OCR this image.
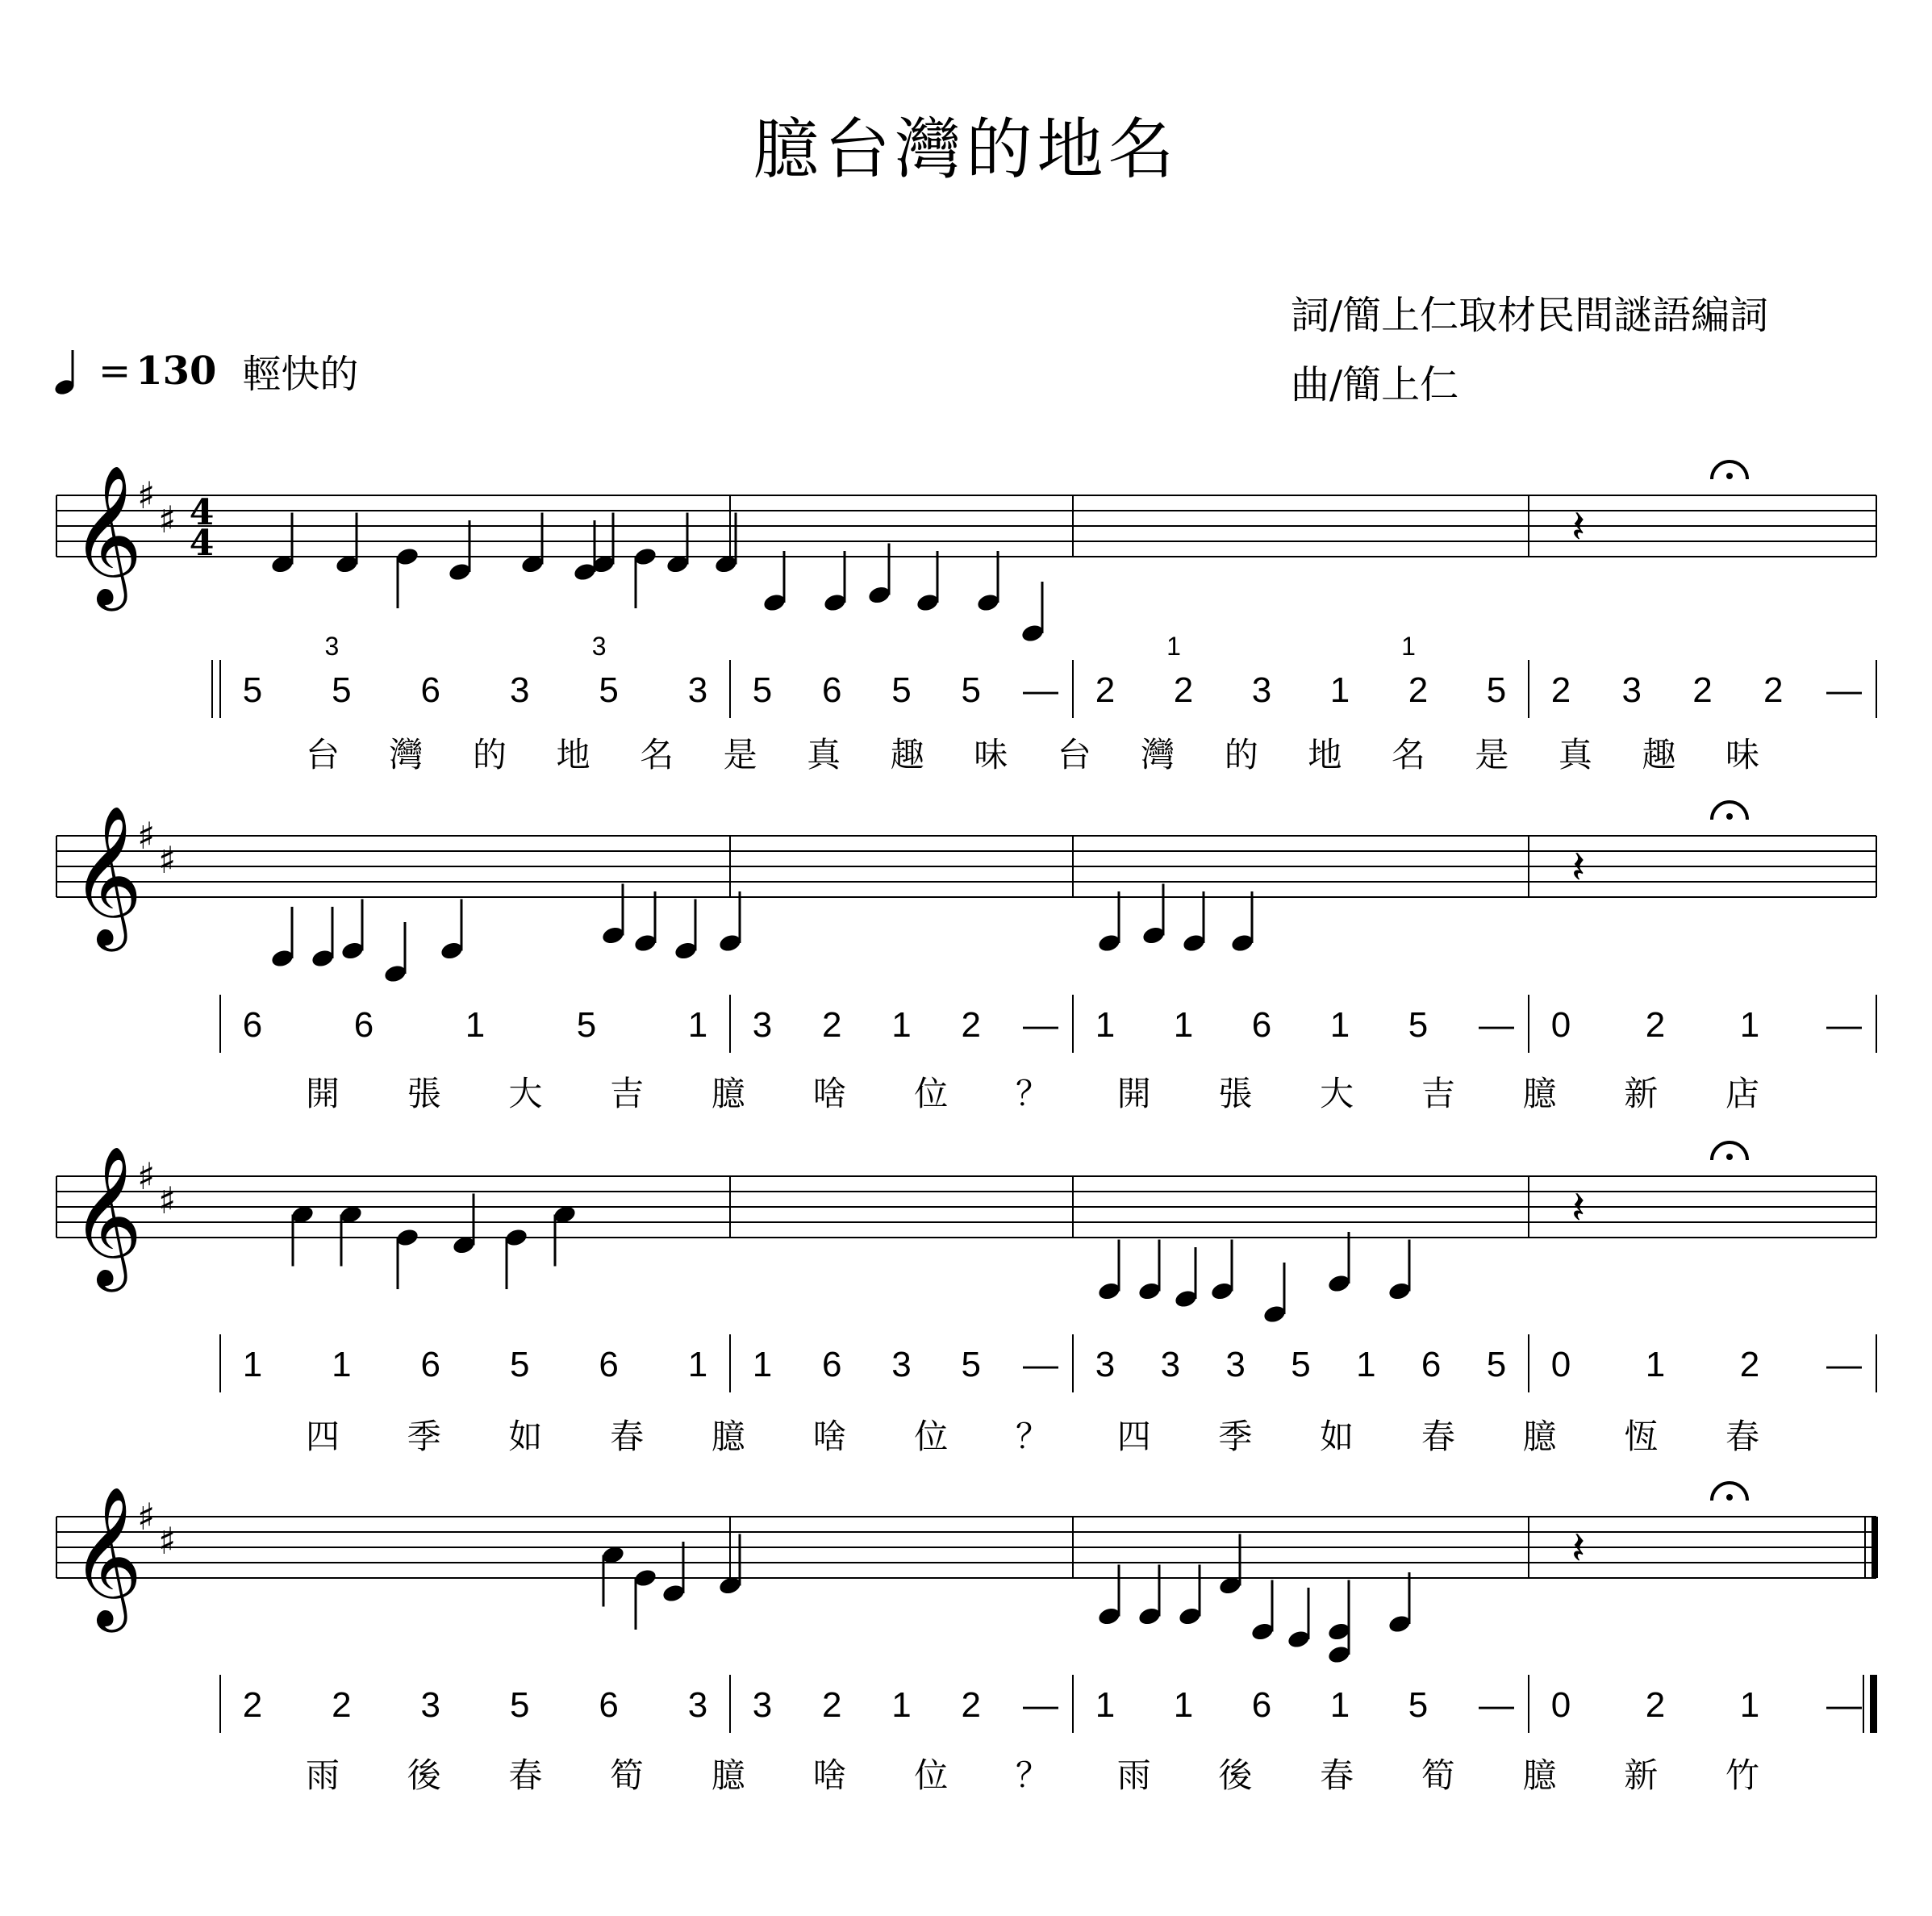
臆台灣的地名
詞/簡上仁取材民間謎語編詞
曲/簡上仁
= 130 輕快的
𝄞
♯
♯ 4
4	𝄽
5 5 6 3 5 3
3	3
5 6 5 5 — 2 2 3 1 2 5
1	1
2 3 2 2 —
台 灣 的 地 名 是 真 趣 味 台 灣 的 地 名 是 真 趣 味
𝄞
♯
♯	𝄽
6	6	1	5	1 3 2 1 2 — 1 1 6 1 5 — 0 2 1 —
開 張 大 吉 臆 啥 位 ？ 開 張 大 吉 臆 新 店
𝄞
♯
♯	𝄽
1 1 6 5 6 1 1 6 3 5 — 3 3 3 5 1 6 5 0 1 2 —
四 季 如 春 臆 啥 位 ？ 四 季 如 春 臆 恆 春
𝄞
♯
♯	𝄽
2 2 3 5 6 3 3 2 1 2 — 1 1 6 1 5 — 0 2 1 —
雨 後 春 筍 臆 啥 位 ？ 雨 後 春 筍 臆 新 竹
